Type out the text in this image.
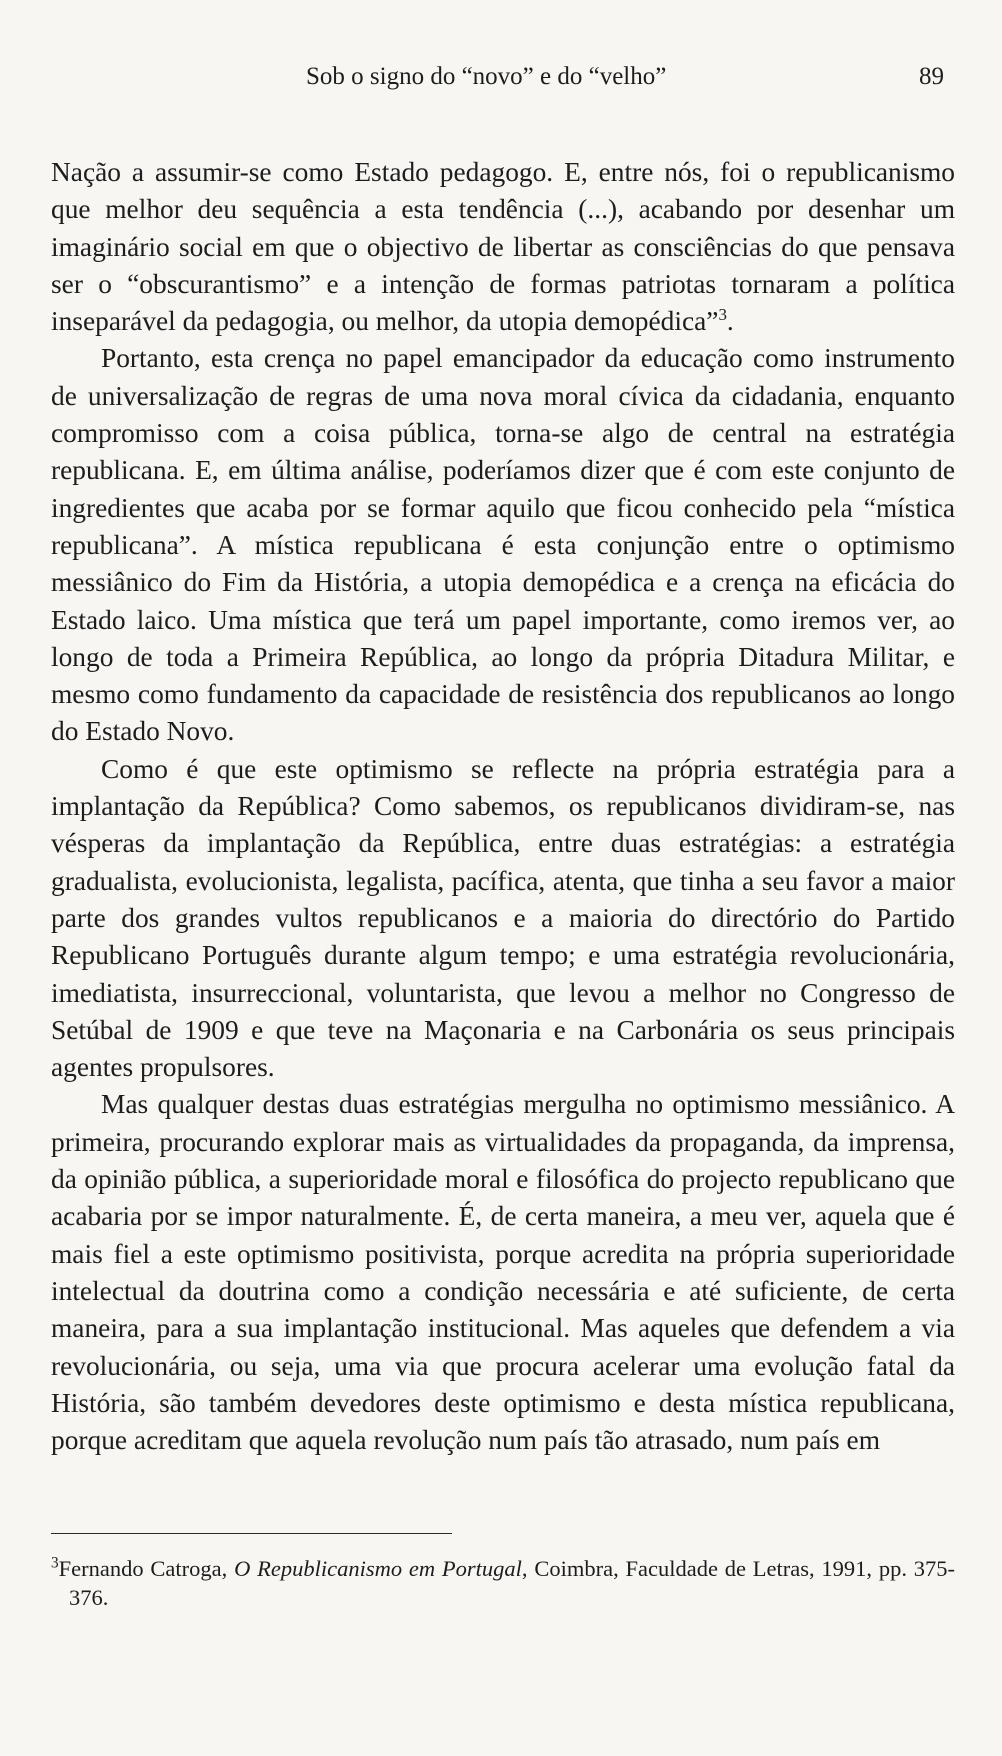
Sob o signo do “novo” e do “velho”	89

Nação a assumir-se como Estado pedagogo. E, entre nós, foi o republicanismo que melhor deu sequência a esta tendência (...), acabando por desenhar um imaginário social em que o objectivo de libertar as consciências do que pensava ser o “obscurantismo” e a intenção de formas patriotas tornaram a política inseparável da pedagogia, ou melhor, da utopia demopédica”$^3$.

Portanto, esta crença no papel emancipador da educação como instrumento de universalização de regras de uma nova moral cívica da cidadania, enquanto compromisso com a coisa pública, torna-se algo de central na estratégia republicana. E, em última análise, poderíamos dizer que é com este conjunto de ingredientes que acaba por se formar aquilo que ficou conhecido pela “mística republicana”. A mística republicana é esta conjunção entre o optimismo messiânico do Fim da História, a utopia demopédica e a crença na eficácia do Estado laico. Uma mística que terá um papel importante, como iremos ver, ao longo de toda a Primeira República, ao longo da própria Ditadura Militar, e mesmo como fundamento da capacidade de resistência dos republicanos ao longo do Estado Novo.

Como é que este optimismo se reflecte na própria estratégia para a implantação da República? Como sabemos, os republicanos dividiram-se, nas vésperas da implantação da República, entre duas estratégias: a estratégia gradualista, evolucionista, legalista, pacífica, atenta, que tinha a seu favor a maior parte dos grandes vultos republicanos e a maioria do directório do Partido Republicano Português durante algum tempo; e uma estratégia revolucionária, imediatista, insurreccional, voluntarista, que levou a melhor no Congresso de Setúbal de 1909 e que teve na Maçonaria e na Carbonária os seus principais agentes propulsores.

Mas qualquer destas duas estratégias mergulha no optimismo messiânico. A primeira, procurando explorar mais as virtualidades da propaganda, da imprensa, da opinião pública, a superioridade moral e filosófica do projecto republicano que acabaria por se impor naturalmente. É, de certa maneira, a meu ver, aquela que é mais fiel a este optimismo positivista, porque acredita na própria superioridade intelectual da doutrina como a condição necessária e até suficiente, de certa maneira, para a sua implantação institucional. Mas aqueles que defendem a via revolucionária, ou seja, uma via que procura acelerar uma evolução fatal da História, são também devedores deste optimismo e desta mística republicana, porque acreditam que aquela revolução num país tão atrasado, num país em

$^3$Fernando Catroga, O Republicanismo em Portugal, Coimbra, Faculdade de Letras, 1991, pp. 375-376.
